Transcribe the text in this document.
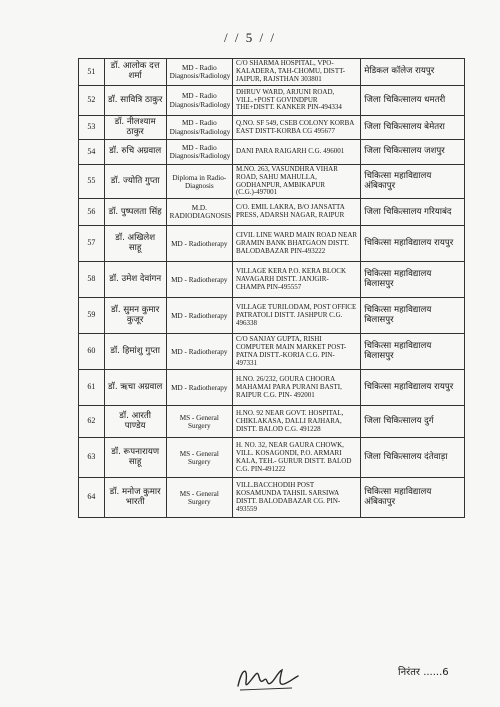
/ / 5 / /
51	डॉ. आलोक दत्त शर्मा	MD - Radio Diagnosis/Radiology	C/O SHARMA HOSPITAL, VPO-KALADERA, TAH-CHOMU, DISTT- JAIPUR, RAJSTHAN 303801	मेडिकल कॉलेज रायपुर
52	डॉ. सावित्रि ठाकुर	MD - Radio Diagnosis/Radiology	DHRUV WARD, ARJUNI ROAD, VILL.+POST GOVINDPUR THE+DISTT. KANKER PIN-494334	जिला चिकित्सालय धमतरी
53	डॉ. नीलश्याम ठाकुर	MD - Radio Diagnosis/Radiology	Q.NO. SF 549, CSEB COLONY KORBA EAST DISTT-KORBA CG 495677	जिला चिकित्सालय बेमेतरा
54	डॉ. रुचि अग्रवाल	MD - Radio Diagnosis/Radiology	DANI PARA RAIGARH C.G. 496001	जिला चिकित्सालय जशपुर
55	डॉ. ज्योति गुप्ता	Diploma in Radio-Diagnosis	M.NO. 263, VASUNDHRA VIHAR ROAD, SAHU MAHULLA, GODHANPUR, AMBIKAPUR (C.G.)-497001	चिकित्सा महाविद्यालय अंबिकापुर
56	डॉ. पुष्पलता सिंह	M.D. RADIODIAGNOSIS	C/O. EMIL LAKRA, B/O JANSATTA PRESS, ADARSH NAGAR, RAIPUR	जिला चिकित्सालय गरियाबंद
57	डॉ. अखिलेश साहू	MD - Radiotherapy	CIVIL LINE WARD MAIN ROAD NEAR GRAMIN BANK BHATGAON DISTT. BALODABAZAR PIN-493222	चिकित्सा महाविद्यालय रायपुर
58	डॉ. उमेश देवांगन	MD - Radiotherapy	VILLAGE KERA P.O. KERA BLOCK NAVAGARH DISTT. JANJGIR-CHAMPA PIN-495557	चिकित्सा महाविद्यालय बिलासपुर
59	डॉ. सुमन कुमार कुजूर	MD - Radiotherapy	VILLAGE TURILODAM, POST OFFICE PATRATOLI DISTT. JASHPUR C.G. 496338	चिकित्सा महाविद्यालय बिलासपुर
60	डॉ. हिमांशु गुप्ता	MD - Radiotherapy	C/O SANJAY GUPTA, RISHI COMPUTER MAIN MARKET POST- PATNA DISTT.-KORIA C.G. PIN- 497331	चिकित्सा महाविद्यालय बिलासपुर
61	डॉ. ऋचा अग्रवाल	MD - Radiotherapy	H.NO. 26/232, GOURA CHOORA MAHAMAI PARA PURANI BASTI, RAIPUR C.G. PIN- 492001	चिकित्सा महाविद्यालय रायपुर
62	डॉ. आरती पाण्डेय	MS - General Surgery	H.NO. 92 NEAR GOVT. HOSPITAL, CHIKLAKASA, DALLI RAJHARA, DISTT. BALOD C.G. 491228	जिला चिकित्सालय दुर्ग
63	डॉ. रूपनारायण साहू	MS - General Surgery	H. NO. 32, NEAR GAURA CHOWK, VILL. KOSAGONDI, P.O. ARMARI KALA, TEH.- GURUR DISTT. BALOD C.G. PIN-491222	जिला चिकित्सालय दंतेवाड़ा
64	डॉ. मनोज कुमार भारती	MS - General Surgery	VILL.BACCHODIH POST KOSAMUNDA TAHSIL SARSIWA DISTT. BALODABAZAR CG. PIN-493559	चिकित्सा महाविद्यालय अंबिकापुर
निरंतर ......6
